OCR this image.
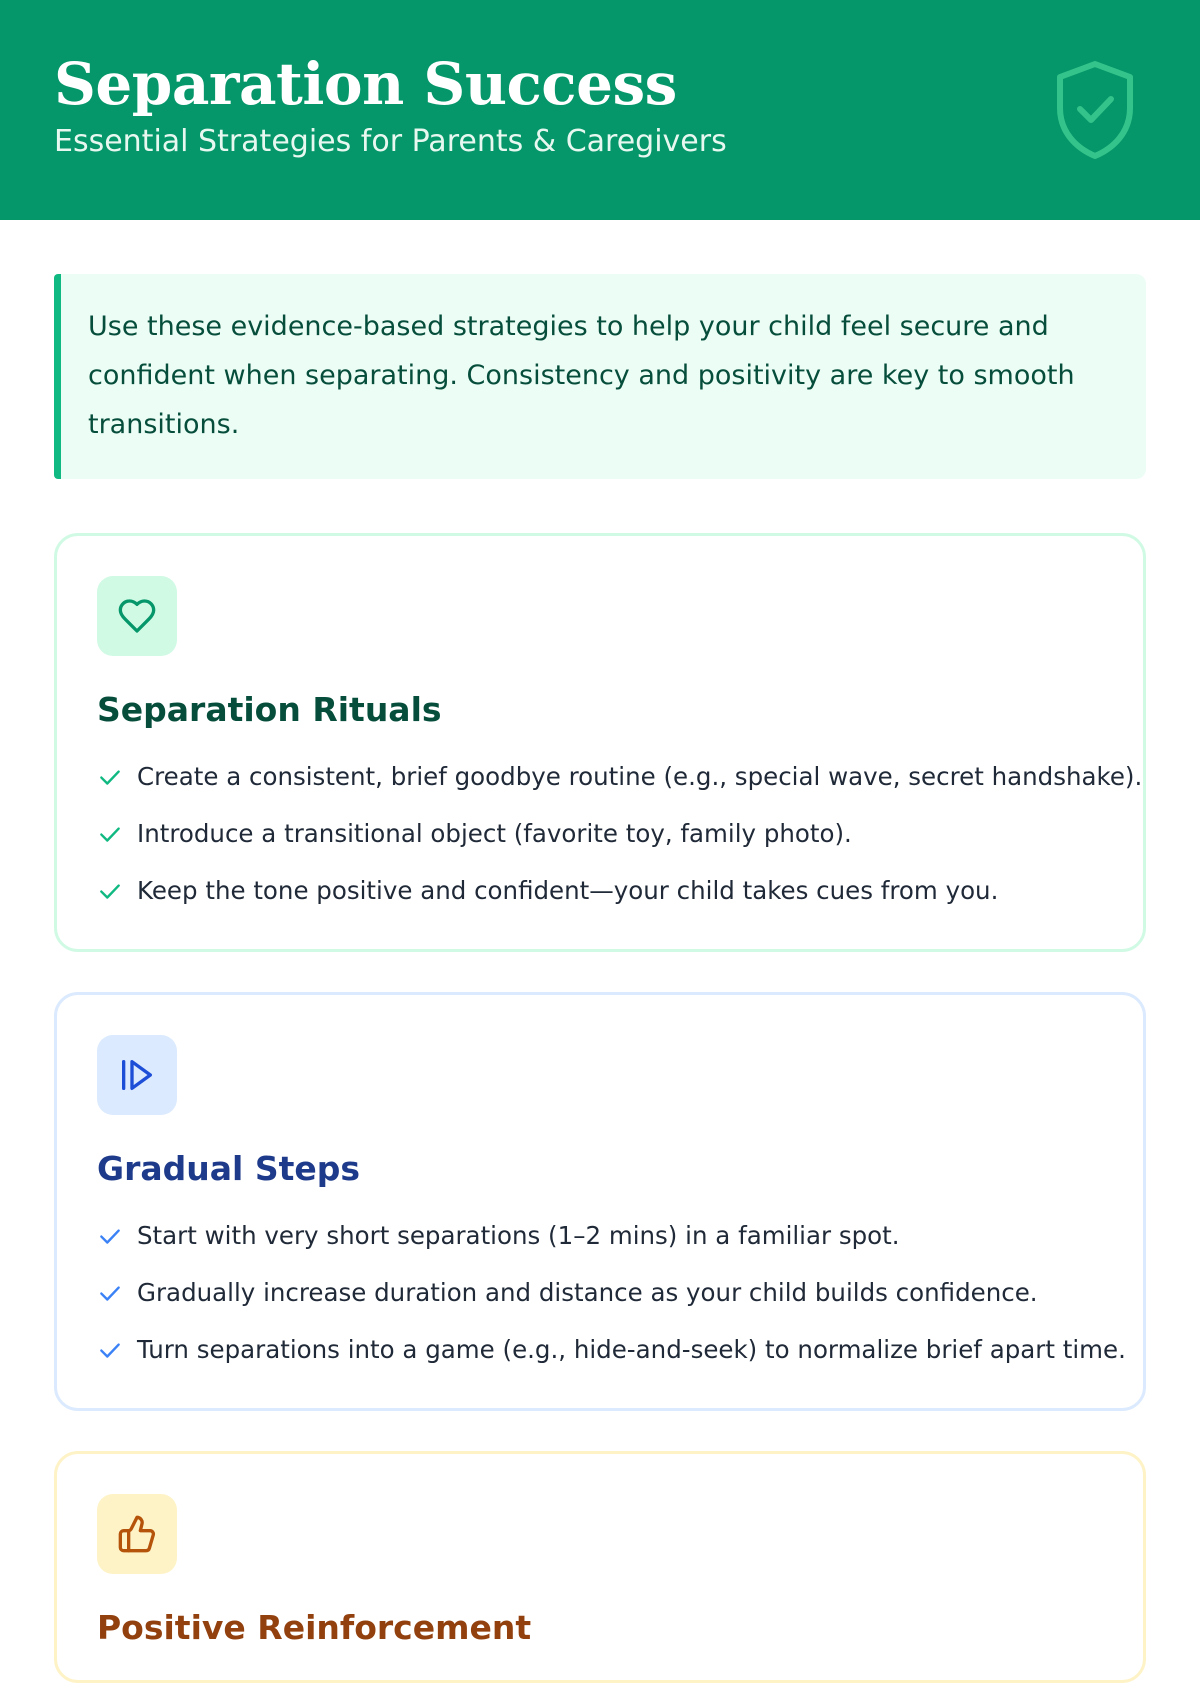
Separation Success
Essential Strategies for Parents & Caregivers

Use these evidence-based strategies to help your child feel secure and confident when separating. Consistency and positivity are key to smooth transitions.

Separation Rituals
Create a consistent, brief goodbye routine (e.g., special wave, secret handshake).
Introduce a transitional object (favorite toy, family photo).
Keep the tone positive and confident—your child takes cues from you.
Gradual Steps
Start with very short separations (1–2 mins) in a familiar spot.
Gradually increase duration and distance as your child builds confidence.
Turn separations into a game (e.g., hide-and-seek) to normalize brief apart time.
Positive Reinforcement
